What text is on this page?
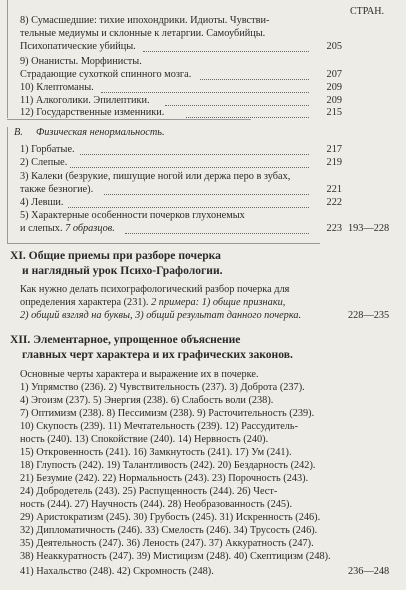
СТРАН.
8) Сумасшедшие: тихие ипохондрики. Идиоты. Чувстви-
тельные медиумы и склонные к летаргии. Самоубийцы.
Психопатические убийцы.	205
9) Онанисты. Морфинисты.
Страдающие сухоткой спинного мозга.	207
10) Клептоманы.	209
11) Алкоголики. Эпилептики.	209
12) Государственные изменники.	215
В. Физическая ненормальность.
1) Горбатые.	217
2) Слепые.	219
3) Калеки (безрукие, пишущие ногой или держа перо в зубах,
также безногие).	221
4) Левши.	222
5) Характерные особенности почерков глухонемых
и слепых. 7 образцов.	223 193—228
XI. Общие приемы при разборе почерка
и наглядный урок Психо-Графологии.
Как нужно делать психографологический разбор почерка для
определения характера (231). 2 примера: 1) общие признаки,
2) общий взгляд на буквы, 3) общий результат данного почерка.	228—235
XII. Элементарное, упрощенное объяснение
главных черт характера и их графических законов.
Основные черты характера и выражение их в почерке.
1) Упрямство (236). 2) Чувствительность (237). 3) Доброта (237).
4) Эгоизм (237). 5) Энергия (238). 6) Слабость воли (238).
7) Оптимизм (238). 8) Пессимизм (238). 9) Расточительность (239).
10) Скупость (239). 11) Мечтательность (239). 12) Рассудитель-
ность (240). 13) Спокойствие (240). 14) Нервность (240).
15) Откровенность (241). 16) Замкнутость (241). 17) Ум (241).
18) Глупость (242). 19) Талантливость (242). 20) Бездарность (242).
21) Безумие (242). 22) Нормальность (243). 23) Порочность (243).
24) Добродетель (243). 25) Распущенность (244). 26) Чест-
ность (244). 27) Научность (244). 28) Необразованность (245).
29) Аристократизм (245). 30) Грубость (245). 31) Искренность (246).
32) Дипломатичность (246). 33) Смелость (246). 34) Трусость (246).
35) Деятельность (247). 36) Леность (247). 37) Аккуратность (247).
38) Неаккуратность (247). 39) Мистицизм (248). 40) Скептицизм (248).
41) Нахальство (248). 42) Скромность (248).	236—248
